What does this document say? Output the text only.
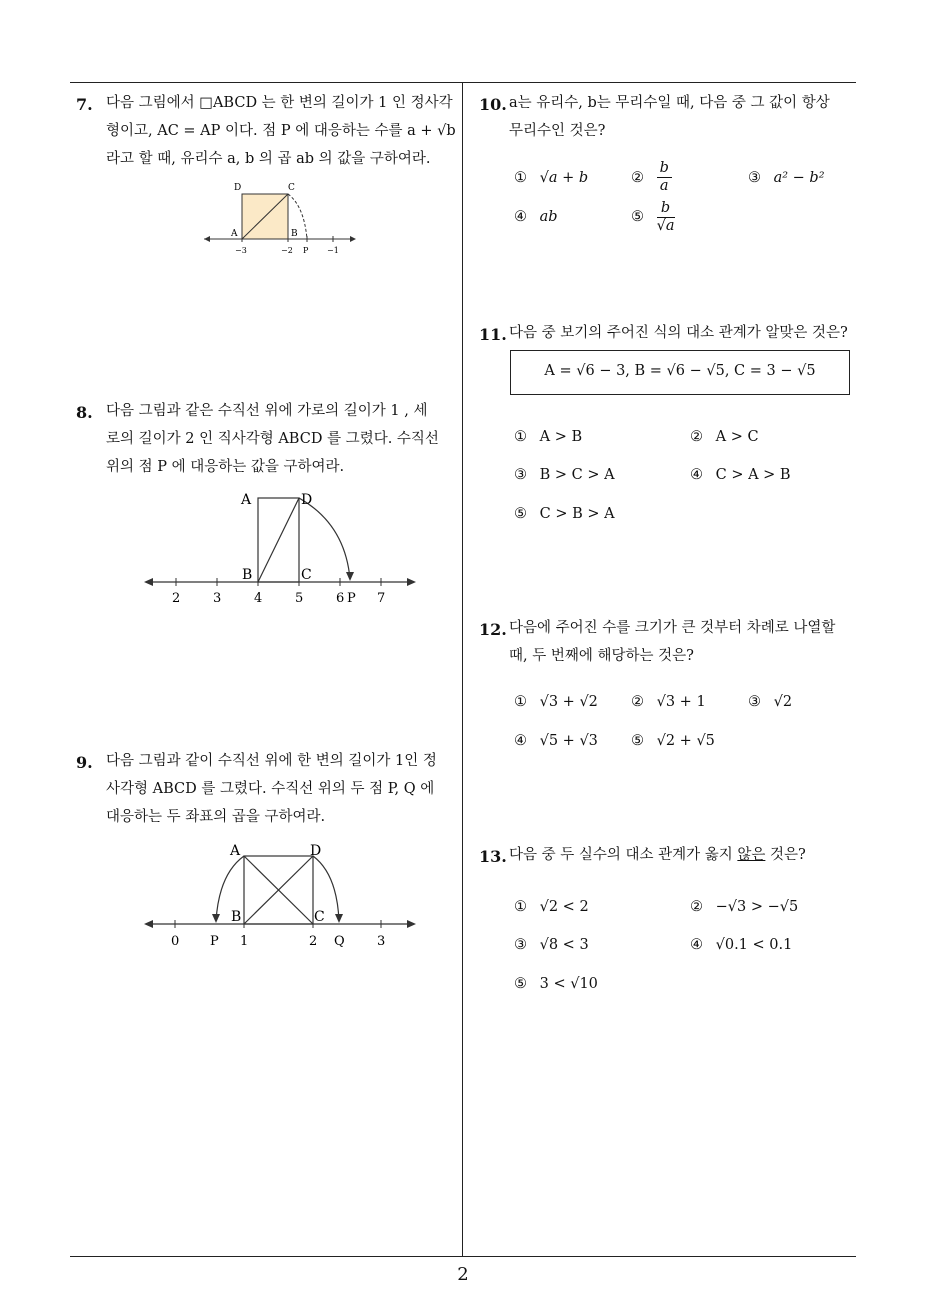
7. 다음 그림에서 □ABCD 는 한 변의 길이가 1 인 정사각
형이고, AC = AP 이다. 점 P 에 대응하는 수를 a + √b
라고 할 때, 유리수 a, b 의 곱 ab 의 값을 구하여라.
D	C
A	B
−3	−2 P −1
8. 다음 그림과 같은 수직선 위에 가로의 길이가 1 , 세
로의 길이가 2 인 직사각형 ABCD 를 그렸다. 수직선
위의 점 P 에 대응하는 값을 구하여라.
A	D
B	C
2	3	4	5	6 P 7
9. 다음 그림과 같이 수직선 위에 한 변의 길이가 1인 정
사각형 ABCD 를 그렸다. 수직선 위의 두 점 P, Q 에
대응하는 두 좌표의 곱을 구하여라.
A	D
B	C
0 P 1	2 Q 3
10. a는 유리수, b는 무리수일 때, 다음 중 그 값이 항상
무리수인 것은?
① √a + b	② $\frac{b}{a}$	③ a² − b²
④ ab	⑤ $\frac{b}{√a}$
11. 다음 중 보기의 주어진 식의 대소 관계가 알맞은 것은?
A = √6 − 3, B = √6 − √5, C = 3 − √5
① A > B	② A > C
③ B > C > A	④ C > A > B
⑤ C > B > A
12. 다음에 주어진 수를 크기가 큰 것부터 차례로 나열할
때, 두 번째에 해당하는 것은?
① √3 + √2 ② √3 + 1	③ √2
④ √5 + √3 ⑤ √2 + √5
13. 다음 중 두 실수의 대소 관계가 옳지 않은 것은?
① √2 < 2	② −√3 > −√5
③ √8 < 3	④ √0.1 < 0.1
⑤ 3 < √10
2
